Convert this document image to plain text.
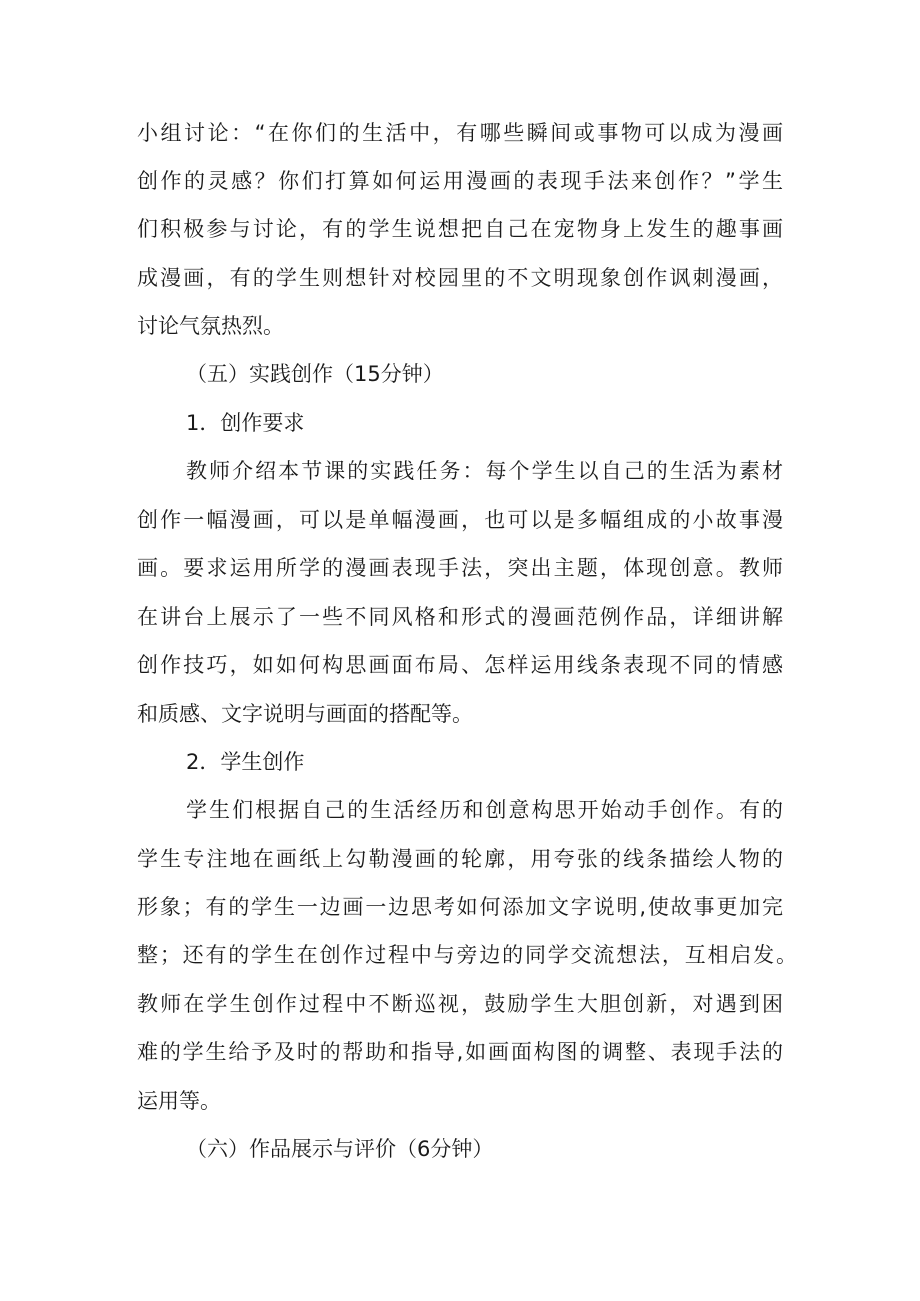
小组讨论：“在你们的生活中，有哪些瞬间或事物可以成为漫画
创作的灵感？你们打算如何运用漫画的表现手法来创作？”学生
们积极参与讨论，有的学生说想把自己在宠物身上发生的趣事画
成漫画，有的学生则想针对校园里的不文明现象创作讽刺漫画，
讨论气氛热烈。
（五）实践创作（15分钟）
1．创作要求
教师介绍本节课的实践任务：每个学生以自己的生活为素材
创作一幅漫画，可以是单幅漫画，也可以是多幅组成的小故事漫
画。要求运用所学的漫画表现手法，突出主题，体现创意。教师
在讲台上展示了一些不同风格和形式的漫画范例作品，详细讲解
创作技巧，如如何构思画面布局、怎样运用线条表现不同的情感
和质感、文字说明与画面的搭配等。
2．学生创作
学生们根据自己的生活经历和创意构思开始动手创作。有的
学生专注地在画纸上勾勒漫画的轮廓，用夸张的线条描绘人物的
形象；有的学生一边画一边思考如何添加文字说明,使故事更加完
整；还有的学生在创作过程中与旁边的同学交流想法，互相启发。
教师在学生创作过程中不断巡视，鼓励学生大胆创新，对遇到困
难的学生给予及时的帮助和指导,如画面构图的调整、表现手法的
运用等。
（六）作品展示与评价（6分钟）
